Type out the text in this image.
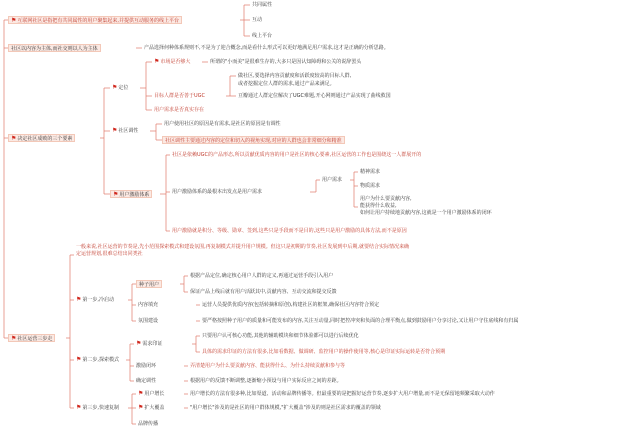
⚑互联网社区是指把有共同属性的用户聚集起来,并提供互动服务的线上平台
共同属性
互动
线上平台
社区以内容为主体,而社交则以人为主体	产品选择何种体系规则不,不是为了迎合概念,而是看什么形式可以更好地满足用户需求,这才是正确的分析思路。
⚑决定社区成败的三个要素
⚑定位
⚑市场是否够大	所谓的"小而美"是很难生存的,大多只是因认知障碍和公关的说辞罢头
目标人群是否善于UGC
做社区,要选择内容贡献度和活跃度较高的目标人群,
或者挖掘定位人群的需求,通过产品来满足。
豆瓣通过人群定位解决了UGC难题,开心网则通过产品实现了曲线救国
用户需求是否真实存在
⚑社区调性
用户使用社区的原因是有需求,是社区的原因是有调性
社区调性主要通过内容的定位和切入的视角实现,对应的人群也会非常细分和精准
⚑用户激励体系
社区是依赖UGC的产品形态,所以贡献优质内容的用户是社区的核心要素,社区运营的工作也是围绕这一人群展开的
用户激励体系的最根本出发点是用户需求
用户需求
精神需求
物质需求
用户为什么要贡献内容,
能获得什么收益,
如何让用户持续地贡献内容,这就是一个用户激励体系的闭环
用户激励就是积分、等级、勋章、签到,这些只是手段而不是目的,这些只是用户激励的具体方法,而不是原因
⚑社区运营三步走
一般来说,社区运营的节奏是,先小范围探索模式和建设氛围,再复制模式并提升用户规模。但这只是初期的节奏,社区发展到中后期,就要结合实际情况来确定运营规划,很难总结出同类社
⚑第一步,冷启动
种子用户
根据产品定位,确定核心用户人群的定义,再通过运营手段引入用户
保证产品上线后就有用户活跃其中,贡献内容、互动交流和提交反馈
内容填充	运营人员提供优质内容(包括转摘和原创),构建社区的框架,确保社区内容符合预定
氛围建设	要严格按照种子用户的质量和可能发布的内容,关注互动量,同时把控冲突和负面的合理平衡点,做到鼓励用户分享讨论,又让用户守住底线和有归属
⚑第二步,探索模式
⚑需求印证
只要用户认可核心功能,其他的辅助模块和细节体验都可以进行后续优化
具体的需求印证的方法有很多,比如看数据、做调研、监控用户的操作使用等,核心是印证实际运转是否符合预期
激励闭环	弄清楚用户为什么要贡献内容、能获得什么、为什么持续贡献和参与等
确定调性	根据用户的反馈不断调整,逐渐缩小预设与用户实际反应之间的差距。
⚑第三步,快速复制
⚑用户增长	用户增长的方法有很多种,比如渠道、活动和品牌传播等。但最重要的是把握好运营节奏,逐步扩大用户增量,而不是无保留地频繁采取大动作
⚑扩大覆盖	"用户增长"涉及的是社区的用户群体规模,"扩大覆盖"涉及的则是社区需求的覆盖的领域
品牌传播
